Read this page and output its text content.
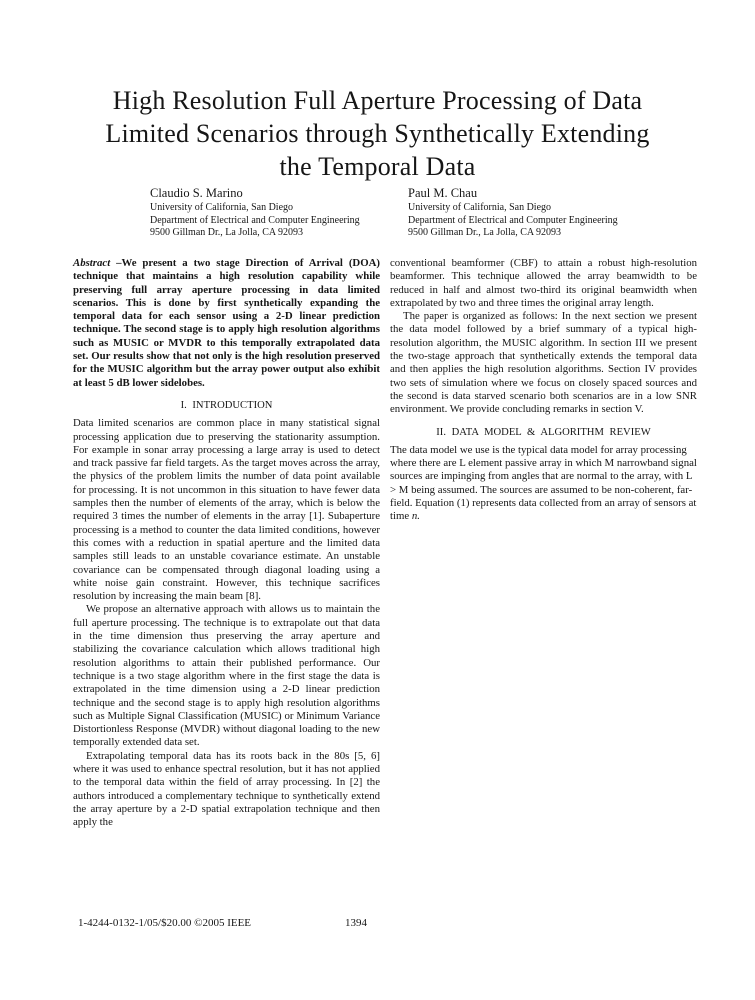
High Resolution Full Aperture Processing of Data
Limited Scenarios through Synthetically Extending
the Temporal Data
Claudio S. Marino
University of California, San Diego
Department of Electrical and Computer Engineering
9500 Gillman Dr., La Jolla, CA 92093
Paul M. Chau
University of California, San Diego
Department of Electrical and Computer Engineering
9500 Gillman Dr., La Jolla, CA 92093

Abstract –We present a two stage Direction of Arrival (DOA) technique that maintains a high resolution capability while preserving full array aperture processing in data limited scenarios. This is done by first synthetically expanding the temporal data for each sensor using a 2-D linear prediction technique. The second stage is to apply high resolution algorithms such as MUSIC or MVDR to this temporally extrapolated data set. Our results show that not only is the high resolution preserved for the MUSIC algorithm but the array power output also exhibit at least 5 dB lower sidelobes.

I. INTRODUCTION

Data limited scenarios are common place in many statistical signal processing application due to preserving the stationarity assumption. For example in sonar array processing a large array is used to detect and track passive far field targets. As the target moves across the array, the physics of the problem limits the number of data point available for processing. It is not uncommon in this situation to have fewer data samples then the number of elements of the array, which is below the required 3 times the number of elements in the array [1]. Subaperture processing is a method to counter the data limited conditions, however this comes with a reduction in spatial aperture and the limited data samples still leads to an unstable covariance estimate. An unstable covariance can be compensated through diagonal loading using a white noise gain constraint. However, this technique sacrifices resolution by increasing the main beam [8].

We propose an alternative approach with allows us to maintain the full aperture processing. The technique is to extrapolate out that data in the time dimension thus preserving the array aperture and stabilizing the covariance calculation which allows traditional high resolution algorithms to attain their published performance. Our technique is a two stage algorithm where in the first stage the data is extrapolated in the time dimension using a 2-D linear prediction technique and the second stage is to apply high resolution algorithms such as Multiple Signal Classification (MUSIC) or Minimum Variance Distortionless Response (MVDR) without diagonal loading to the new temporally extended data set.

Extrapolating temporal data has its roots back in the 80s [5, 6] where it was used to enhance spectral resolution, but it has not applied to the temporal data within the field of array processing. In [2] the authors introduced a complementary technique to synthetically extend the array aperture by a 2-D spatial extrapolation technique and then apply the

conventional beamformer (CBF) to attain a robust high-resolution beamformer. This technique allowed the array beamwidth to be reduced in half and almost two-third its original beamwidth when extrapolated by two and three times the original array length.

The paper is organized as follows: In the next section we present the data model followed by a brief summary of a typical high-resolution algorithm, the MUSIC algorithm. In section III we present the two-stage approach that synthetically extends the temporal data and then applies the high resolution algorithms. Section IV provides two sets of simulation where we focus on closely spaced sources and the second is data starved scenario both scenarios are in a low SNR environment. We provide concluding remarks in section V.

II. DATA MODEL & ALGORITHM REVIEW

The data model we use is the typical data model for array processing where there are L element passive array in which M narrowband signal sources are impinging from angles that are normal to the array, with L > M being assumed. The sources are assumed to be non-coherent, far-field. Equation (1) represents data collected from an array of sensors at time n.

1-4244-0132-1/05/$20.00 ©2005 IEEE	1394
